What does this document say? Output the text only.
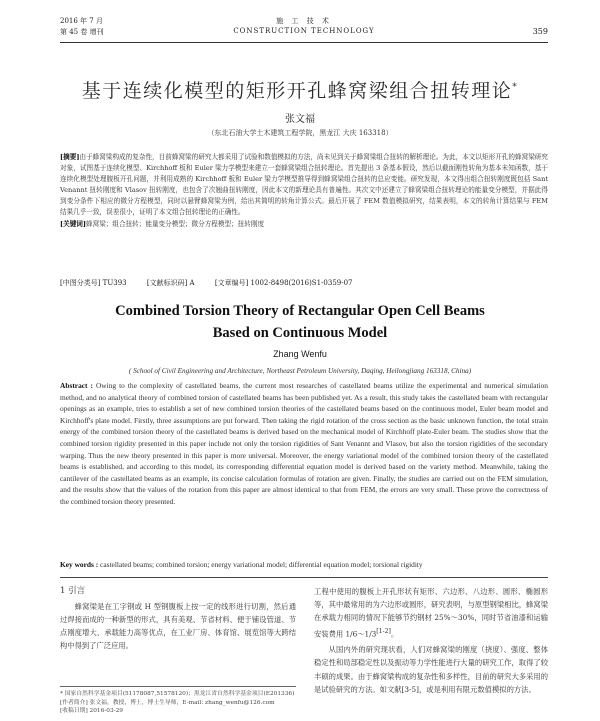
2016 年 7 月
第 45 卷 增刊
施 工 技 术
CONSTRUCTION TECHNOLOGY	359
基于连续化模型的矩形开孔蜂窝梁组合扭转理论*
张文福
（东北石油大学土木建筑工程学院，黑龙江 大庆 163318）
[摘要]由于蜂窝梁构成的复杂性，目前蜂窝梁的研究大都采用了试验和数值模拟的方法，尚未见到关于蜂窝梁组合扭转的解析理论。为此，本文以矩形开孔的蜂窝梁研究对象，试图基于连续化模型、Kirchhoff 板和 Euler 梁力学模型来建立一套蜂窝梁组合扭转理论。首先提出 3 条基本假设，然后以截面刚性转角为基本未知函数，基于连续化模型处理腹板开孔问题，并利用成熟的 Kirchhoff 板和 Euler 梁力学模型推导得到蜂窝梁组合扭转的总应变能。研究发现，本文得出组合扭转刚度既包括 Sant Venannt 扭转刚度和 Vlasov 扭转刚度，也包含了次翘曲扭转刚度，因此本文的新理论具有普遍性。其次文中还建立了蜂窝梁组合扭转理论的能量变分模型，并据此得到变分条件下相应的微分方程模型，同时以悬臂蜂窝梁为例，给出其简明的转角计算公式。最后开展了 FEM 数值模拟研究，结果表明，本文的转角计算结果与 FEM 结果几乎一致，误差很小，证明了本文组合扭转理论的正确性。
[关键词]蜂窝梁；组合扭转；能量变分模型；微分方程模型；扭转刚度
[中图分类号] TU393	[文献标识码] A	[文章编号] 1002-8498(2016)S1-0359-07
Combined Torsion Theory of Rectangular Open Cell Beams
Based on Continuous Model
Zhang Wenfu
( School of Civil Engineering and Architecture, Northeast Petroleum University, Daqing, Heilongjiang 163318, China)
Abstract : Owing to the complexity of castellated beams, the current most researches of castellated beams utilize the experimental and numerical simulation method, and no analytical theory of combined torsion of castellated beams has been published yet. As a result, this study takes the castellated beam with rectangular openings as an example, tries to establish a set of new combined torsion theories of the castellated beams based on the continuous model, Euler beam model and Kirchhoff's plate model. Firstly, three assumptions are put forward. Then taking the rigid rotation of the cross section as the basic unknown function, the total strain energy of the combined torsion theory of the castellated beams is derived based on the mechanical model of Kirchhoff plate-Euler beam. The studies show that the combined torsion rigidity presented in this paper include not only the torsion rigidities of Sant Venannt and Vlasov, but also the torsion rigidities of the secondary warping. Thus the new theory presented in this paper is more universal. Moreover, the energy variational model of the combined torsion theory of the castellated beams is established, and according to this model, its corresponding differential equation model is derived based on the variety method. Meanwhile, taking the cantilever of the castellated beams as an example, its concise calculation formulas of rotation are given. Finally, the studies are carried out on the FEM simulation, and the results show that the values of the rotation from this paper are almost identical to that from FEM, the errors are very small. These prove the correctness of the combined torsion theory presented.
Key words : castellated beams; combined torsion; energy variational model; differential equation model; torsional rigidity
1 引言
蜂窝梁是在工字钢或 H 型钢腹板上按一定的线形进行切割，然后通过焊接而成的一种新型的形式，具有美观、节省材料、便于铺设管道、节点刚度增大、承载能力高等优点，在工业厂房、体育馆、展览馆等大跨结构中得到了广泛应用。

工程中使用的腹板上开孔形状有矩形、六边形、八边形、圆形、椭圆形等，其中最常用的为六边形或圆形，研究表明，与原型钢梁相比，蜂窝梁在承载力相同的情况下能够节约钢材 25%～30%，同时节省油漆和运输安装费用 1/6～1/3[1-2]。

从国内外的研究现状看，人们对蜂窝梁的刚度（挠度）、强度、整体稳定性和局部稳定性以及振动等力学性能进行大量的研究工作，取得了较丰硕的成果。由于蜂窝梁构成的复杂性和多样性，目前的研究大多采用的是试验研究的方法。如文献[3-5]，或是利用有限元数值模拟的方法。

* 国家自然科学基金项目(51178087,51578120)；黑龙江省自然科学基金项目(E201336)
[作者简介] 张文福，教授，博士，博士生导师，E-mail: zhang_wenfu@126.com
[收稿日期] 2016-03-29
